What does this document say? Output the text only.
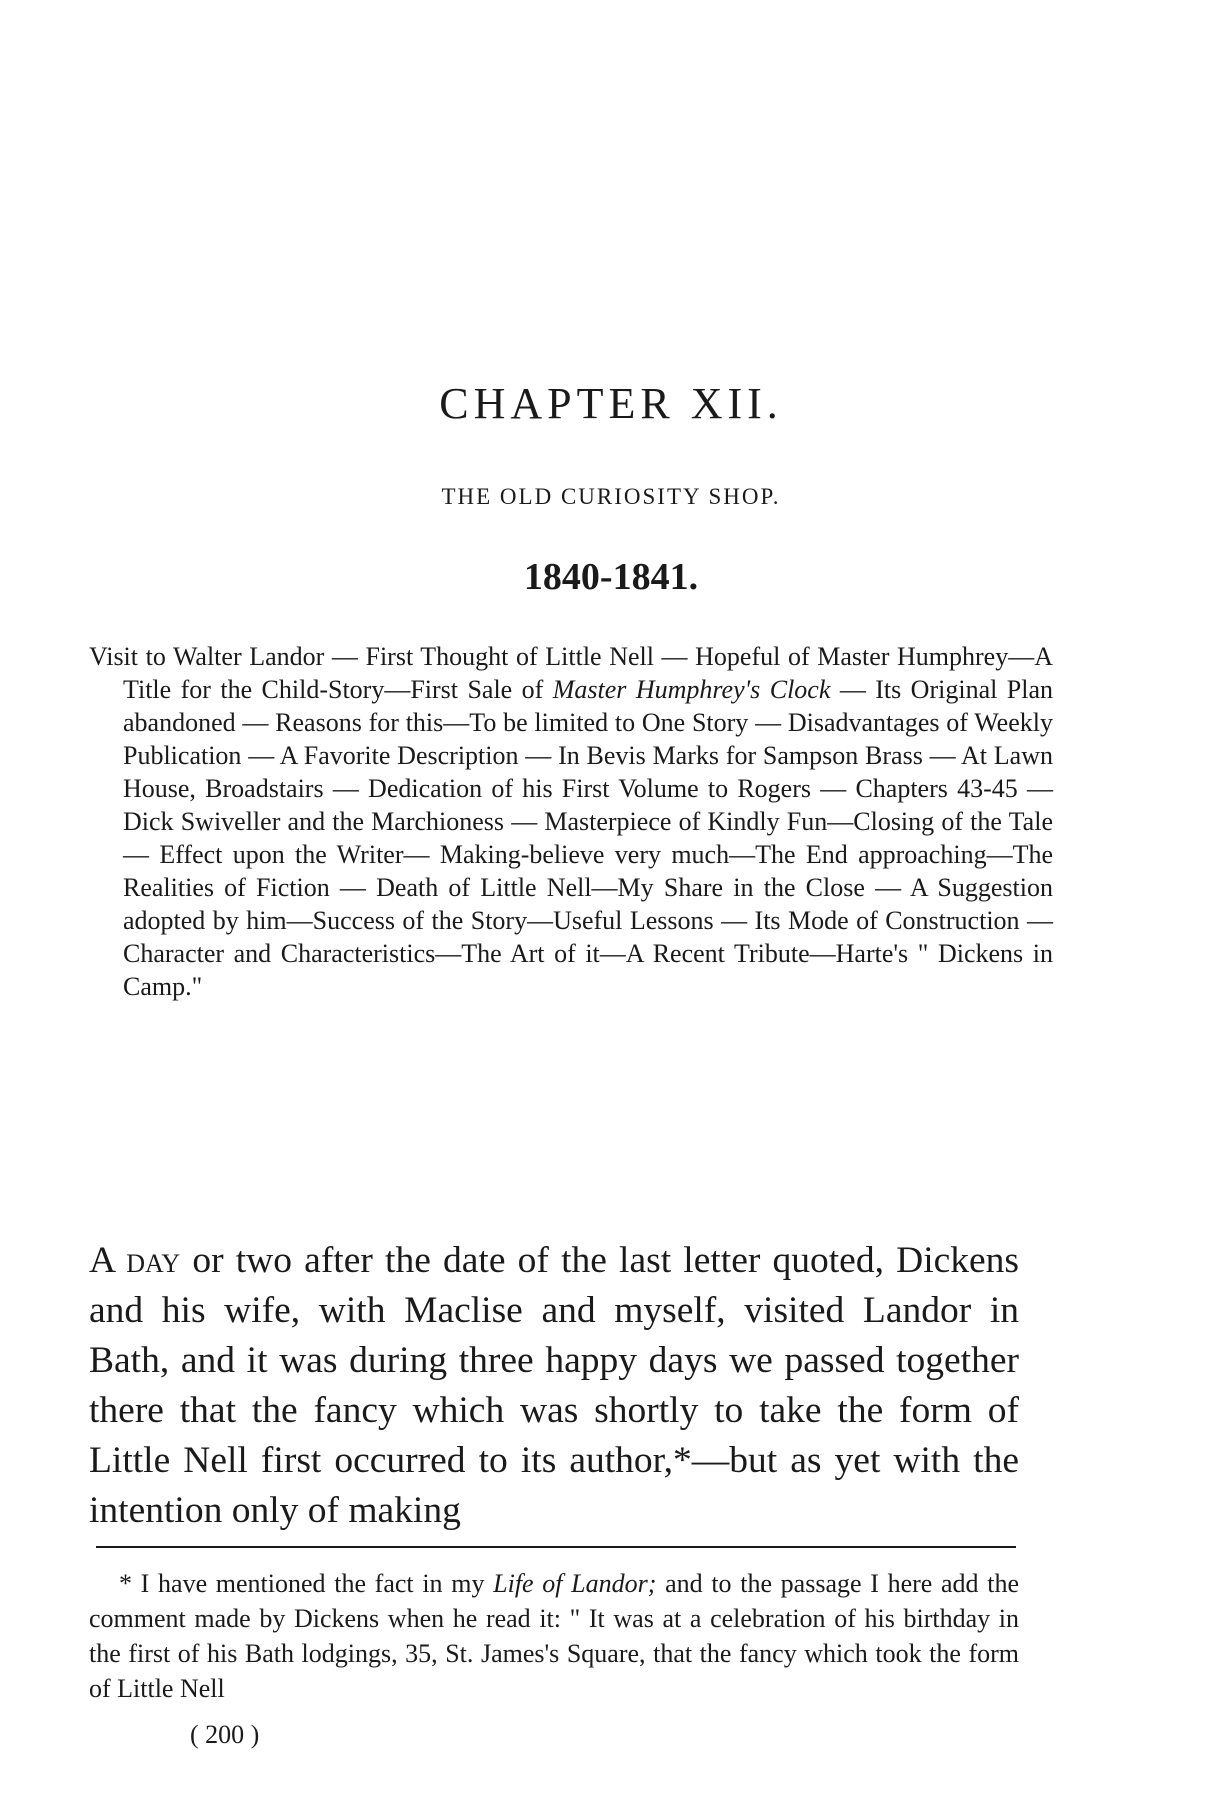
CHAPTER XII.
THE OLD CURIOSITY SHOP.
1840-1841.

Visit to Walter Landor — First Thought of Little Nell — Hopeful of Master Humphrey—A Title for the Child-Story—First Sale of Master Humphrey's Clock — Its Original Plan abandoned — Reasons for this—To be limited to One Story — Disadvantages of Weekly Publication — A Favorite Description — In Bevis Marks for Sampson Brass — At Lawn House, Broadstairs — Dedication of his First Volume to Rogers — Chapters 43-45 — Dick Swiveller and the Marchioness — Masterpiece of Kindly Fun—Closing of the Tale— Effect upon the Writer— Making-believe very much—The End approaching—The Realities of Fiction — Death of Little Nell—My Share in the Close — A Suggestion adopted by him—Success of the Story—Useful Lessons — Its Mode of Construction — Character and Characteristics—The Art of it—A Recent Tribute—Harte's " Dickens in Camp."

A day or two after the date of the last letter quoted, Dickens and his wife, with Maclise and myself, visited Landor in Bath, and it was during three happy days we passed together there that the fancy which was shortly to take the form of Little Nell first occurred to its author,*—but as yet with the intention only of making

* I have mentioned the fact in my Life of Landor; and to the passage I here add the comment made by Dickens when he read it: " It was at a celebration of his birthday in the first of his Bath lodgings, 35, St. James's Square, that the fancy which took the form of Little Nell

( 200 )
